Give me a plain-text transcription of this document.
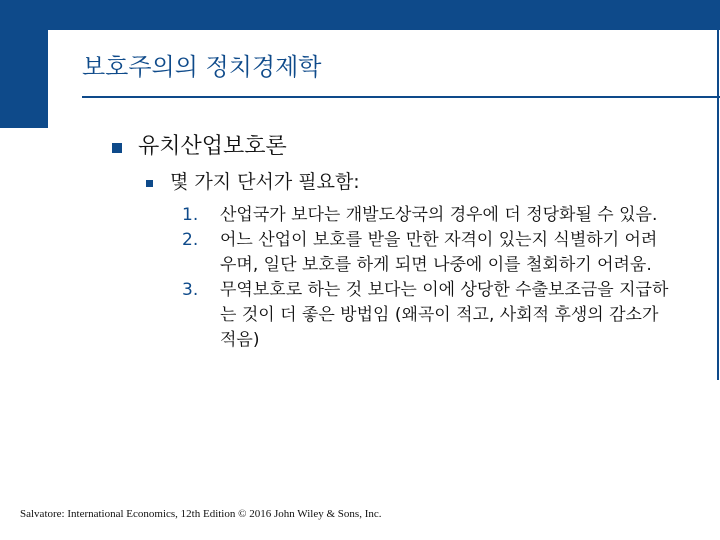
보호주의의 정치경제학
유치산업보호론
몇 가지 단서가 필요함:
1.	산업국가 보다는 개발도상국의 경우에 더 정당화될 수 있음.
2.	어느 산업이 보호를 받을 만한 자격이 있는지 식별하기 어려우며, 일단 보호를 하게 되면 나중에 이를 철회하기 어려움.
3.	무역보호로 하는 것 보다는 이에 상당한 수출보조금을 지급하는 것이 더 좋은 방법임 (왜곡이 적고, 사회적 후생의 감소가 적음)
Salvatore: International Economics, 12th Edition © 2016 John Wiley & Sons, Inc.
